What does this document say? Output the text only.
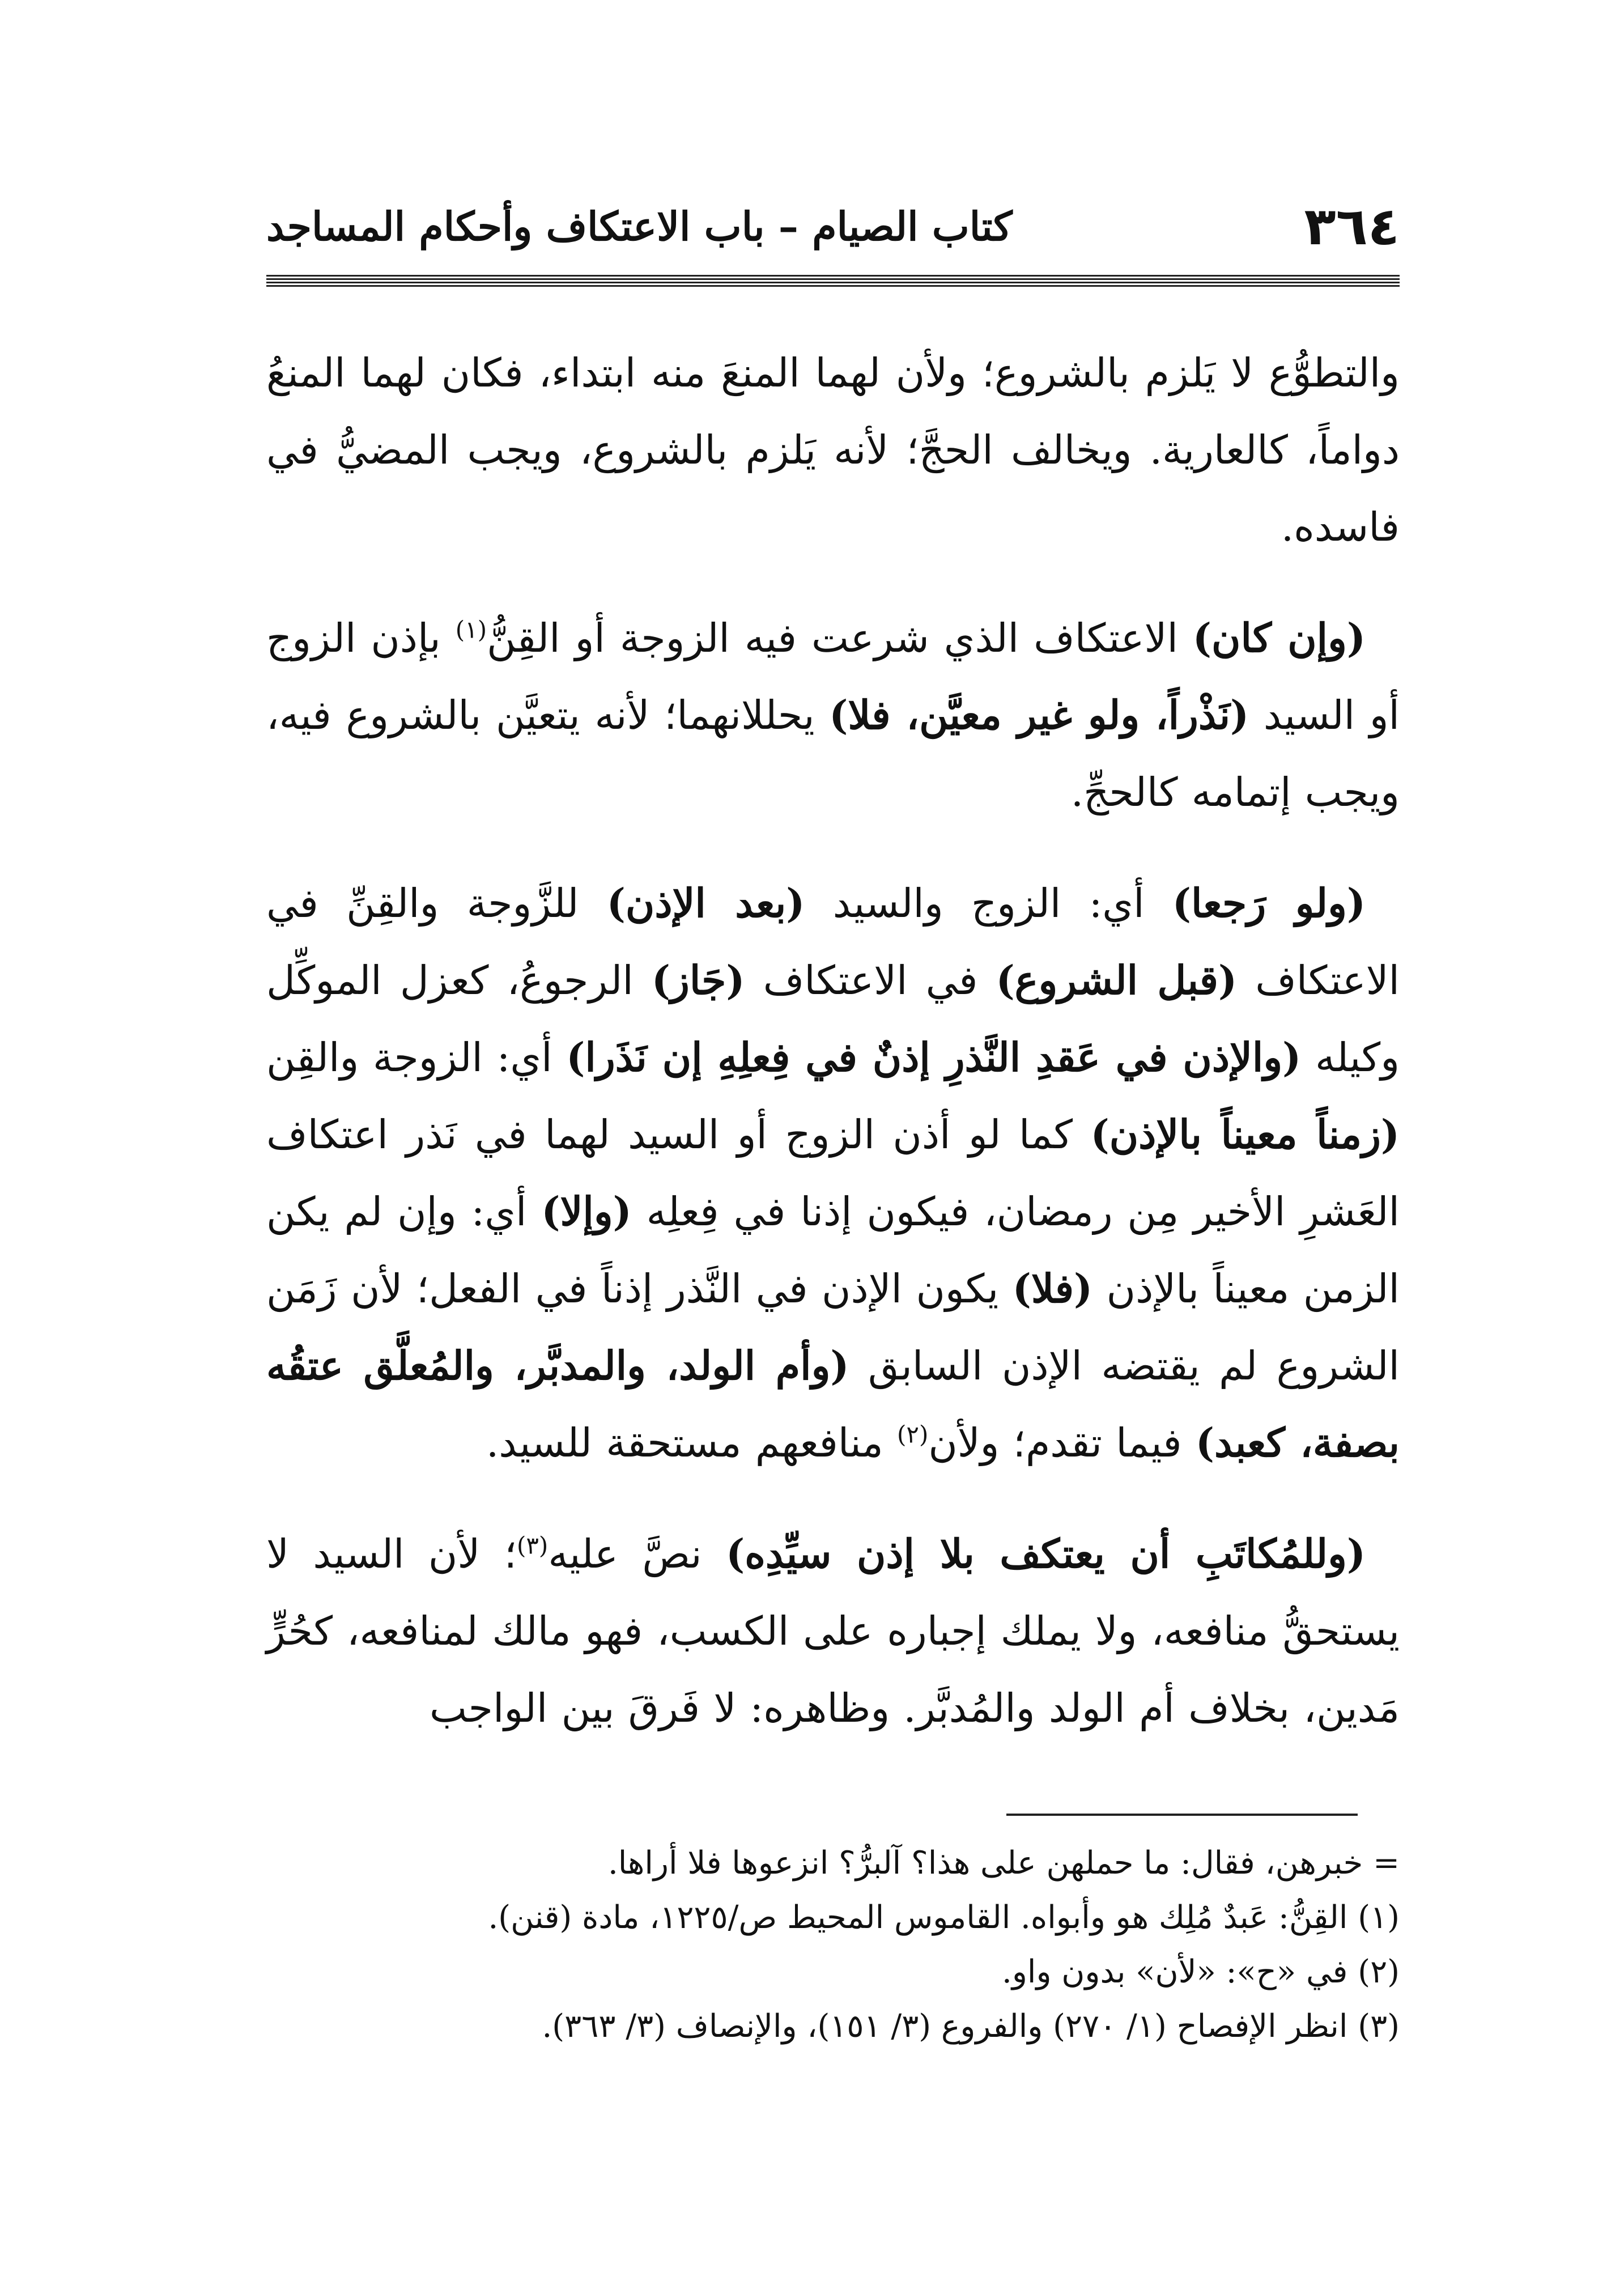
٣٦٤
كتاب الصيام – باب الاعتكاف وأحكام المساجد

والتطوُّع لا يَلزم بالشروع؛ ولأن لهما المنعَ منه ابتداء، فكان لهما المنعُ دواماً، كالعارية. ويخالف الحجَّ؛ لأنه يَلزم بالشروع، ويجب المضيُّ في فاسده.

(وإن كان) الاعتكاف الذي شرعت فيه الزوجة أو القِنُّ$^{(١)}$ بإذن الزوج أو السيد (نَذْراً، ولو غير معيَّن، فلا) يحللانهما؛ لأنه يتعيَّن بالشروع فيه، ويجب إتمامه كالحجِّ.

(ولو رَجعا) أي: الزوج والسيد (بعد الإذن) للزَّوجة والقِنِّ في الاعتكاف (قبل الشروع) في الاعتكاف (جَاز) الرجوعُ، كعزل الموكِّل وكيله (والإذن في عَقدِ النَّذرِ إذنٌ في فِعلِهِ إن نَذَرا) أي: الزوجة والقِن (زمناً معيناً بالإذن) كما لو أذن الزوج أو السيد لهما في نَذر اعتكاف العَشرِ الأخير مِن رمضان، فيكون إذنا في فِعلِه (وإلا) أي: وإن لم يكن الزمن معيناً بالإذن (فلا) يكون الإذن في النَّذر إذناً في الفعل؛ لأن زَمَن الشروع لم يقتضه الإذن السابق (وأم الولد، والمدبَّر، والمُعلَّق عتقُه بصفة، كعبد) فيما تقدم؛ ولأن$^{(٢)}$ منافعهم مستحقة للسيد.

(وللمُكاتَبِ أن يعتكف بلا إذن سيِّدِه) نصَّ عليه$^{(٣)}$؛ لأن السيد لا يستحقُّ منافعه، ولا يملك إجباره على الكسب، فهو مالك لمنافعه، كحُرٍّ مَدين، بخلاف أم الولد والمُدبَّر. وظاهره: لا فَرقَ بين الواجب

= خبرهن، فقال: ما حملهن على هذا؟ آلبرُّ؟ انزعوها فلا أراها.

(١) القِنُّ: عَبدٌ مُلِك هو وأبواه. القاموس المحيط ص/١٢٢٥، مادة (قنن).

(٢) في «ح»: «لأن» بدون واو.

(٣) انظر الإفصاح (١/ ٢٧٠) والفروع (٣/ ١٥١)، والإنصاف (٣/ ٣٦٣).
